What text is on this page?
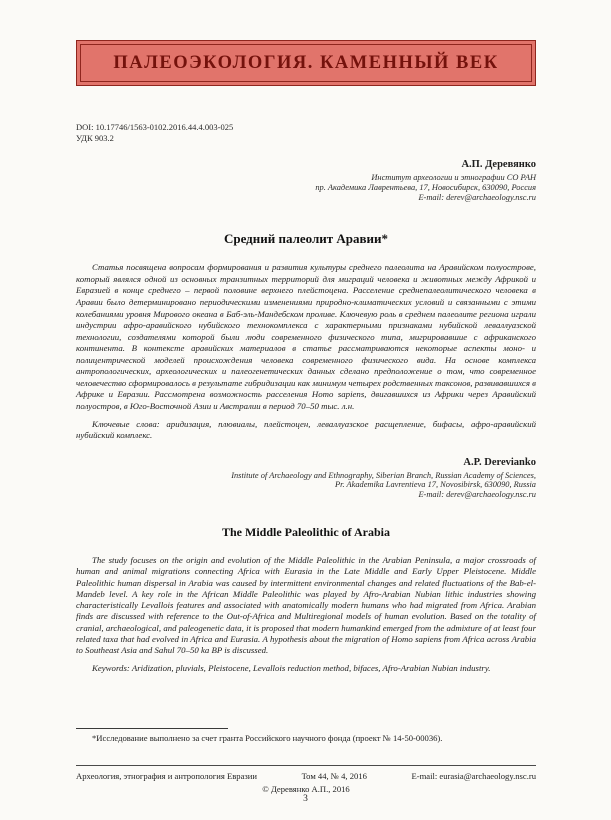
ПАЛЕОЭКОЛОГИЯ. КАМЕННЫЙ ВЕК
DOI: 10.17746/1563-0102.2016.44.4.003-025
УДК 903.2
А.П. Деревянко
Институт археологии и этнографии СО РАН
пр. Академика Лаврентьева, 17, Новосибирск, 630090, Россия
E-mail: derev@archaeology.nsc.ru
Средний палеолит Аравии*

Статья посвящена вопросам формирования и развития культуры среднего палеолита на Аравийском полуострове, который являлся одной из основных транзитных территорий для миграций человека и животных между Африкой и Евразией в конце среднего – первой половине верхнего плейстоцена. Расселение среднепалеолитического человека в Аравии было детерминировано периодическими изменениями природно-климатических условий и связанными с этими колебаниями уровня Мирового океана в Баб-эль-Мандебском проливе. Ключевую роль в среднем палеолите региона играли индустрии афро-аравийского нубийского технокомплекса с характерными признаками нубийской леваллуазской технологии, создателями которой были люди современного физического типа, мигрировавшие с африканского континента. В контексте аравийских материалов в статье рассматриваются некоторые аспекты моно- и полицентрической моделей происхождения человека современного физического вида. На основе комплекса антропологических, археологических и палеогенетических данных сделано предположение о том, что современное человечество сформировалось в результате гибридизации как минимум четырех родственных таксонов, развивавшихся в Африке и Евразии. Рассмотрена возможность расселения Homo sapiens, двигавшихся из Африки через Аравийский полуостров, в Юго-Восточной Азии и Австралии в период 70–50 тыс. л.н.

Ключевые слова: аридизация, плювиалы, плейстоцен, леваллуазское расщепление, бифасы, афро-аравийский нубийский комплекс.

A.P. Derevianko
Institute of Archaeology and Ethnography, Siberian Branch, Russian Academy of Sciences,
Pr. Akademika Lavrentieva 17, Novosibirsk, 630090, Russia
E-mail: derev@archaeology.nsc.ru
The Middle Paleolithic of Arabia

The study focuses on the origin and evolution of the Middle Paleolithic in the Arabian Peninsula, a major crossroads of human and animal migrations connecting Africa with Eurasia in the Late Middle and Early Upper Pleistocene. Middle Paleolithic human dispersal in Arabia was caused by intermittent environmental changes and related fluctuations of the Bab-el-Mandeb level. A key role in the African Middle Paleolithic was played by Afro-Arabian Nubian lithic industries showing characteristically Levallois features and associated with anatomically modern humans who had migrated from Africa. Arabian finds are discussed with reference to the Out-of-Africa and Multiregional models of human evolution. Based on the totality of cranial, archaeological, and paleogenetic data, it is proposed that modern humankind emerged from the admixture of at least four related taxa that had evolved in Africa and Eurasia. A hypothesis about the migration of Homo sapiens from Africa across Arabia to Southeast Asia and Sahul 70–50 ka BP is discussed.

Keywords: Aridization, pluvials, Pleistocene, Levallois reduction method, bifaces, Afro-Arabian Nubian industry.

*Исследование выполнено за счет гранта Российского научного фонда (проект № 14-50-00036).

Археология, этнография и антропология Евразии	Том 44, № 4, 2016	E-mail: eurasia@archaeology.nsc.ru
© Деревянко А.П., 2016
3
